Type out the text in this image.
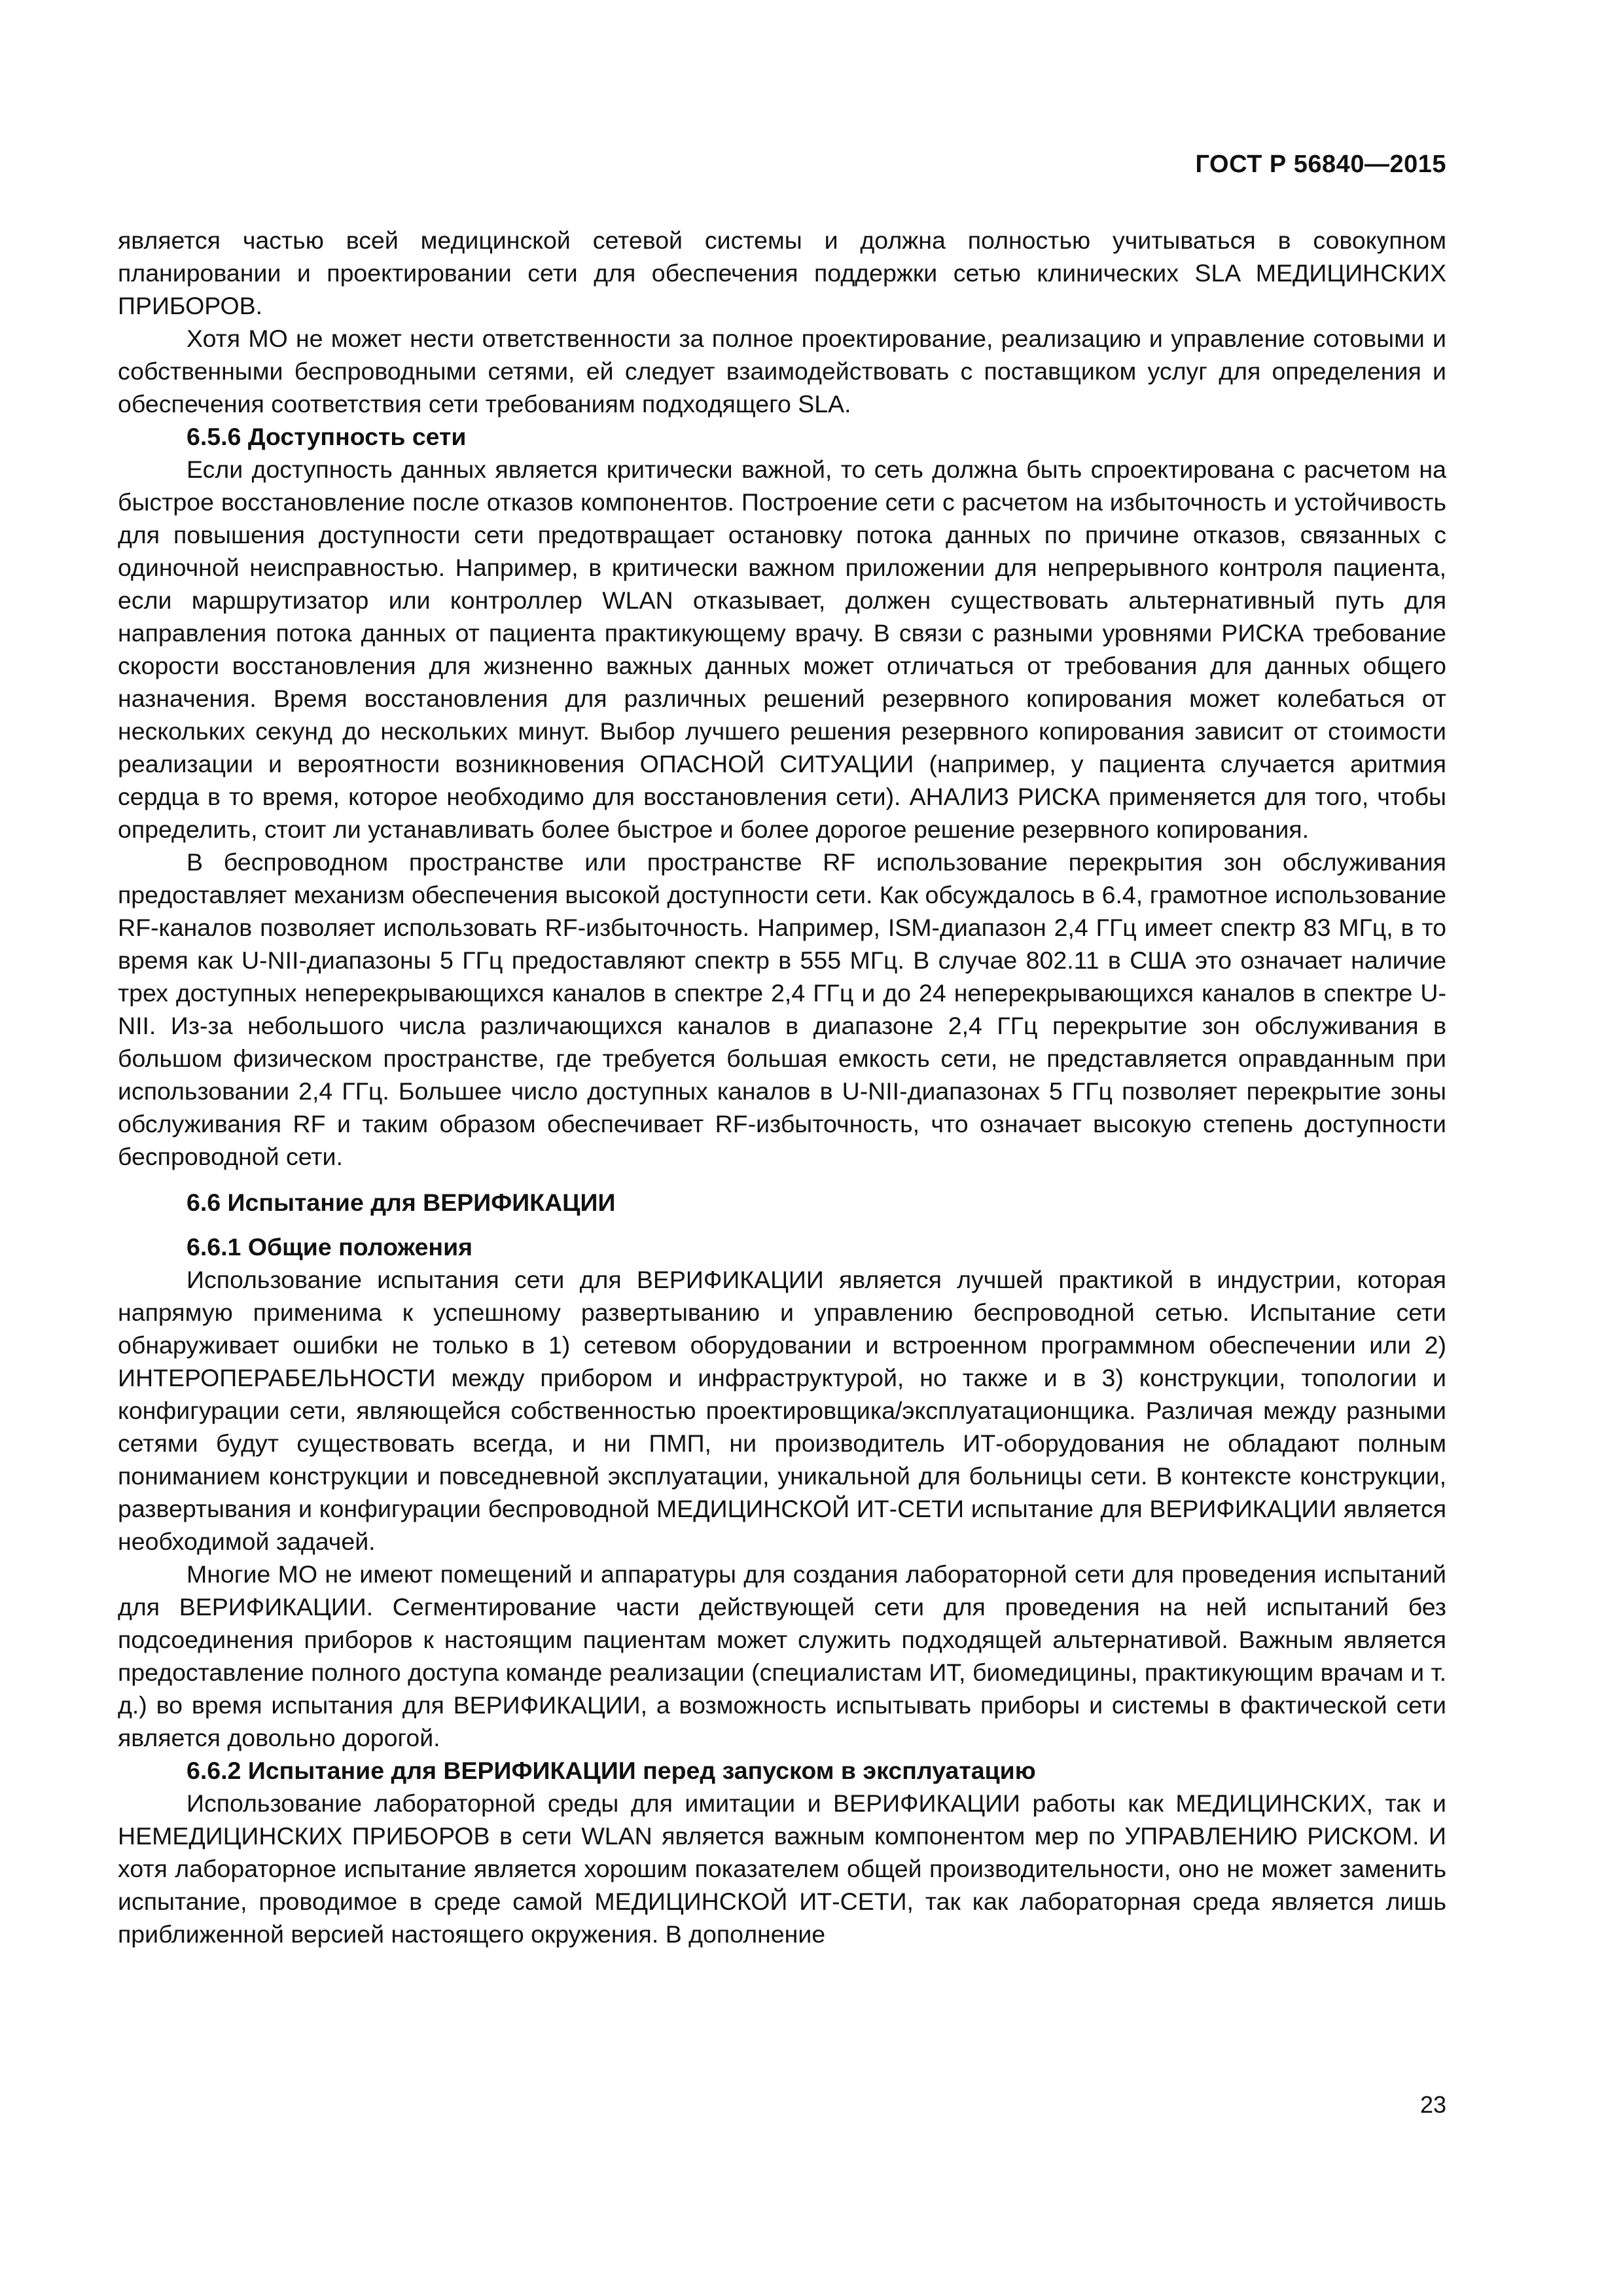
ГОСТ Р 56840—2015

является частью всей медицинской сетевой системы и должна полностью учитываться в совокупном планировании и проектировании сети для обеспечения поддержки сетью клинических SLA МЕДИЦИНСКИХ ПРИБОРОВ.

Хотя МО не может нести ответственности за полное проектирование, реализацию и управление сотовыми и собственными беспроводными сетями, ей следует взаимодействовать с поставщиком услуг для определения и обеспечения соответствия сети требованиям подходящего SLA.

6.5.6 Доступность сети

Если доступность данных является критически важной, то сеть должна быть спроектирована с расчетом на быстрое восстановление после отказов компонентов. Построение сети с расчетом на избыточность и устойчивость для повышения доступности сети предотвращает остановку потока данных по причине отказов, связанных с одиночной неисправностью. Например, в критически важном приложении для непрерывного контроля пациента, если маршрутизатор или контроллер WLAN отказывает, должен существовать альтернативный путь для направления потока данных от пациента практикующему врачу. В связи с разными уровнями РИСКА требование скорости восстановления для жизненно важных данных может отличаться от требования для данных общего назначения. Время восстановления для различных решений резервного копирования может колебаться от нескольких секунд до нескольких минут. Выбор лучшего решения резервного копирования зависит от стоимости реализации и вероятности возникновения ОПАСНОЙ СИТУАЦИИ (например, у пациента случается аритмия сердца в то время, которое необходимо для восстановления сети). АНАЛИЗ РИСКА применяется для того, чтобы определить, стоит ли устанавливать более быстрое и более дорогое решение резервного копирования.

В беспроводном пространстве или пространстве RF использование перекрытия зон обслуживания предоставляет механизм обеспечения высокой доступности сети. Как обсуждалось в 6.4, грамотное использование RF-каналов позволяет использовать RF-избыточность. Например, ISM-диапазон 2,4 ГГц имеет спектр 83 МГц, в то время как U-NII-диапазоны 5 ГГц предоставляют спектр в 555 МГц. В случае 802.11 в США это означает наличие трех доступных неперекрывающихся каналов в спектре 2,4 ГГц и до 24 неперекрывающихся каналов в спектре U-NII. Из-за небольшого числа различающихся каналов в диапазоне 2,4 ГГц перекрытие зон обслуживания в большом физическом пространстве, где требуется большая емкость сети, не представляется оправданным при использовании 2,4 ГГц. Большее число доступных каналов в U-NII-диапазонах 5 ГГц позволяет перекрытие зоны обслуживания RF и таким образом обеспечивает RF-избыточность, что означает высокую степень доступности беспроводной сети.

6.6 Испытание для ВЕРИФИКАЦИИ
6.6.1 Общие положения

Использование испытания сети для ВЕРИФИКАЦИИ является лучшей практикой в индустрии, которая напрямую применима к успешному развертыванию и управлению беспроводной сетью. Испытание сети обнаруживает ошибки не только в 1) сетевом оборудовании и встроенном программном обеспечении или 2) ИНТЕРОПЕРАБЕЛЬНОСТИ между прибором и инфраструктурой, но также и в 3) конструкции, топологии и конфигурации сети, являющейся собственностью проектировщика/эксплуатационщика. Различая между разными сетями будут существовать всегда, и ни ПМП, ни производитель ИТ-оборудования не обладают полным пониманием конструкции и повседневной эксплуатации, уникальной для больницы сети. В контексте конструкции, развертывания и конфигурации беспроводной МЕДИЦИНСКОЙ ИТ-СЕТИ испытание для ВЕРИФИКАЦИИ является необходимой задачей.

Многие МО не имеют помещений и аппаратуры для создания лабораторной сети для проведения испытаний для ВЕРИФИКАЦИИ. Сегментирование части действующей сети для проведения на ней испытаний без подсоединения приборов к настоящим пациентам может служить подходящей альтернативой. Важным является предоставление полного доступа команде реализации (специалистам ИТ, биомедицины, практикующим врачам и т. д.) во время испытания для ВЕРИФИКАЦИИ, а возможность испытывать приборы и системы в фактической сети является довольно дорогой.

6.6.2 Испытание для ВЕРИФИКАЦИИ перед запуском в эксплуатацию

Использование лабораторной среды для имитации и ВЕРИФИКАЦИИ работы как МЕДИЦИНСКИХ, так и НЕМЕДИЦИНСКИХ ПРИБОРОВ в сети WLAN является важным компонентом мер по УПРАВЛЕНИЮ РИСКОМ. И хотя лабораторное испытание является хорошим показателем общей производительности, оно не может заменить испытание, проводимое в среде самой МЕДИЦИНСКОЙ ИТ-СЕТИ, так как лабораторная среда является лишь приближенной версией настоящего окружения. В дополнение

23
